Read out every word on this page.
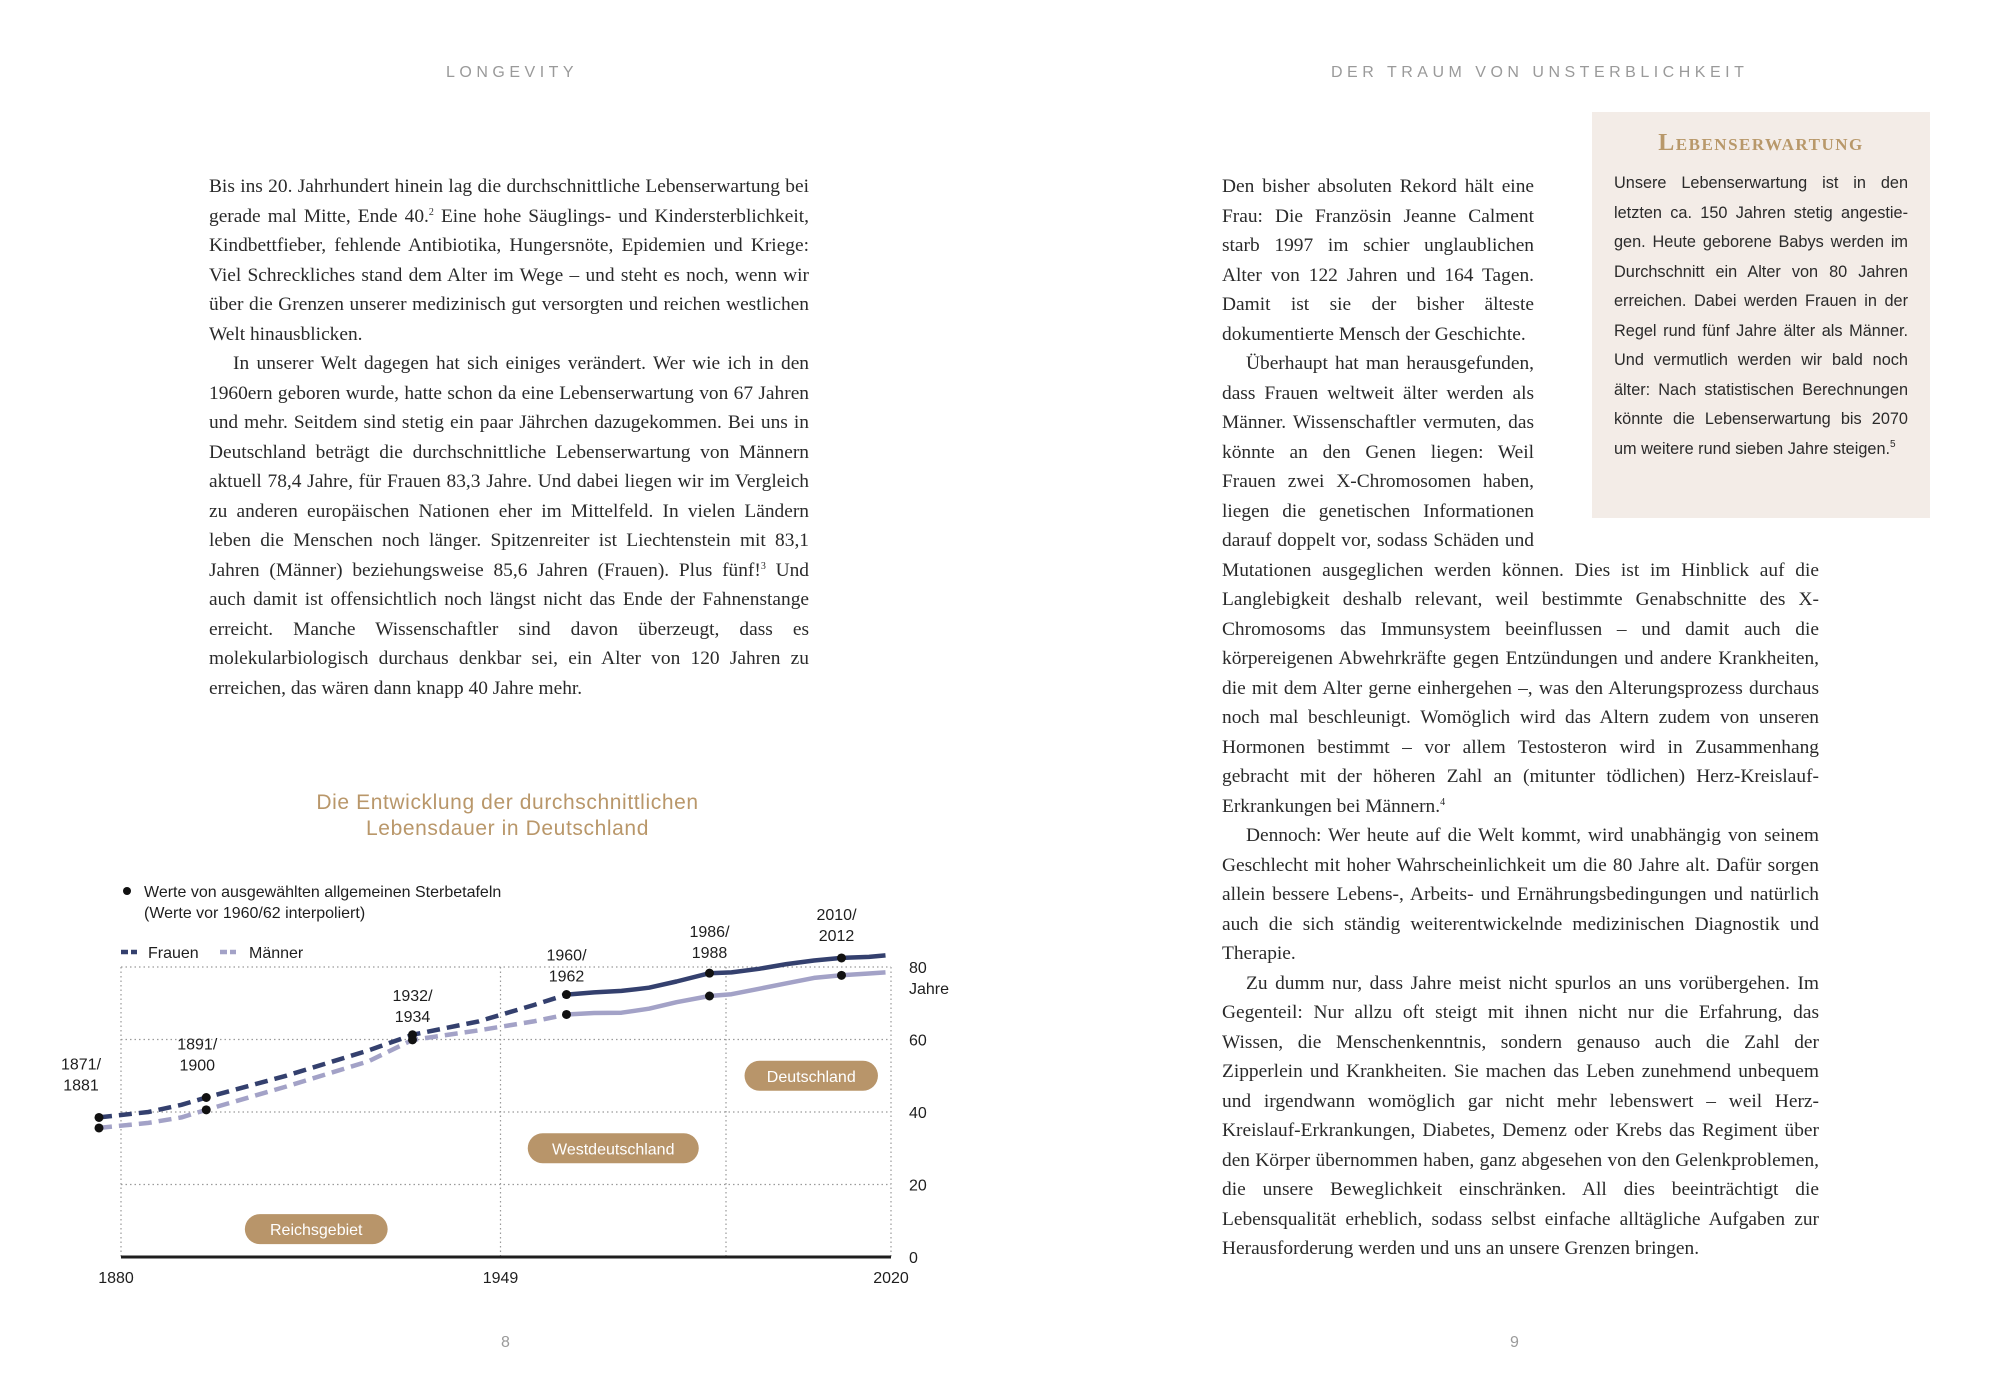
LONGEVITY	DER TRAUM VON UNSTERBLICHKEIT

Bis ins 20. Jahrhundert hinein lag die durchschnittliche Lebenserwartung bei gerade mal Mitte, Ende 40.$^2$ Eine hohe Säuglings- und Kindersterblichkeit, Kindbettfieber, fehlende Antibiotika, Hungersnöte, Epidemien und Kriege: Viel Schreckliches stand dem Alter im Wege – und steht es noch, wenn wir über die Grenzen unserer medizinisch gut versorgten und reichen westlichen Welt hinausblicken.

In unserer Welt dagegen hat sich einiges verändert. Wer wie ich in den 1960ern geboren wurde, hatte schon da eine Lebenserwartung von 67 Jahren und mehr. Seitdem sind stetig ein paar Jährchen dazugekommen. Bei uns in Deutschland beträgt die durchschnittliche Lebenserwartung von Männern aktuell 78,4 Jahre, für Frauen 83,3 Jahre. Und dabei liegen wir im Vergleich zu anderen europäischen Nationen eher im Mittelfeld. In vielen Ländern leben die Menschen noch länger. Spitzenreiter ist Liechtenstein mit 83,1 Jahren (Männer) beziehungsweise 85,6 Jahren (Frauen). Plus fünf!$^3$ Und auch damit ist offensichtlich noch längst nicht das Ende der Fahnenstange erreicht. Manche Wissenschaftler sind davon überzeugt, dass es molekularbiologisch durchaus denkbar sei, ein Alter von 120 Jahren zu erreichen, das wären dann knapp 40 Jahre mehr.

Den bisher absoluten Rekord hält eine Frau: Die Französin Jeanne Calment starb 1997 im schier unglaublichen Alter von 122 Jahren und 164 Tagen. Damit ist sie der bisher älteste dokumentierte Mensch der Geschichte.

Überhaupt hat man herausgefunden, dass Frauen weltweit älter werden als Männer. Wissenschaftler vermuten, das könnte an den Genen liegen: Weil Frauen zwei X-Chromosomen haben, liegen die genetischen Informationen darauf doppelt vor, sodass Schäden und Mutationen ausgeglichen werden können. Dies ist im Hinblick auf die Langlebigkeit deshalb relevant, weil bestimmte Genabschnitte des X-Chromosoms das Immunsystem beeinflussen – und damit auch die körpereigenen Abwehrkräfte gegen Entzündungen und andere Krankheiten, die mit dem Alter gerne einhergehen –, was den Alterungsprozess durchaus noch mal beschleunigt. Womöglich wird das Altern zudem von unseren Hormonen bestimmt – vor allem Testosteron wird in Zusammenhang gebracht mit der höheren Zahl an (mitunter tödlichen) Herz-Kreislauf-Erkrankungen bei Männern.$^4$

Dennoch: Wer heute auf die Welt kommt, wird unabhängig von seinem Geschlecht mit hoher Wahrscheinlichkeit um die 80 Jahre alt. Dafür sorgen allein bessere Lebens-, Arbeits- und Ernährungsbedingungen und natürlich auch die sich ständig weiterentwickelnde medizinischen Diagnostik und Therapie.

Zu dumm nur, dass Jahre meist nicht spurlos an uns vorübergehen. Im Gegenteil: Nur allzu oft steigt mit ihnen nicht nur die Erfahrung, das Wissen, die Menschenkenntnis, sondern genauso auch die Zahl der Zipperlein und Krankheiten. Sie machen das Leben zunehmend unbequem und irgendwann womöglich gar nicht mehr lebenswert – weil Herz-Kreislauf-Erkrankungen, Diabetes, Demenz oder Krebs das Regiment über den Körper übernommen haben, ganz abgesehen von den Gelenkproblemen, die unsere Beweglichkeit einschränken. All dies beeinträchtigt die Lebensqualität erheblich, sodass selbst einfache alltägliche Aufgaben zur Herausforderung werden und uns an unsere Grenzen bringen.

Lebenserwartung

Unsere Lebenserwartung ist in den letzten ca. 150 Jahren stetig angestiegen. Heute geborene Babys werden im Durchschnitt ein Alter von 80 Jahren erreichen. Dabei werden Frauen in der Regel rund fünf Jahre älter als Männer. Und vermutlich werden wir bald noch älter: Nach statistischen Berechnungen könnte die Lebenserwartung bis 2070 um weitere rund sieben Jahre steigen.$^5$

Die Entwicklung der durchschnittlichen
Lebensdauer in Deutschland
0
20
40
60
80
Jahre
1880	1949	2020
1871/
1881
1891/
1900
1932/
1934
1960/
1962
1986/
1988
2010/
2012
Reichsgebiet
Westdeutschland
Deutschland
Werte von ausgewählten allgemeinen Sterbetafeln
(Werte vor 1960/62 interpoliert)
Frauen	Männer
8	9
